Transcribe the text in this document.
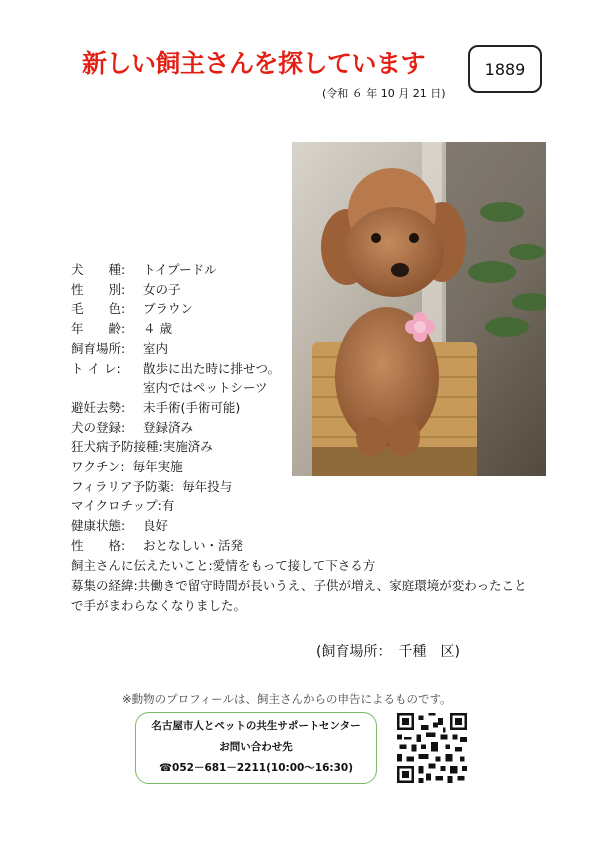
新しい飼主さんを探しています
(令和 ６ 年 10 月 21 日)
1889
犬　　種:	トイプードル
性　　別:	女の子
毛　　色:	ブラウン
年　　齢:	４ 歳
飼育場所:	室内
ト イ レ:	散歩に出た時に排せつ。
室内ではペットシーツ
避妊去勢:	未手術(手術可能)
犬の登録:	登録済み
狂犬病予防接種: 実施済み
ワクチン: 毎年実施
フィラリア予防薬: 毎年投与
マイクロチップ: 有
健康状態:	良好
性　　格:	おとなしい・活発
飼主さんに伝えたいこと:愛情をもって接して下さる方
募集の経緯:共働きで留守時間が長いうえ、子供が増え、家庭環境が変わったことで手がまわらなくなりました。
(飼育場所：　千種　区)
※動物のプロフィールは、飼主さんからの申告によるものです。
名古屋市人とペットの共生サポートセンター
お問い合わせ先
☎052－681－2211(10:00～16:30)
